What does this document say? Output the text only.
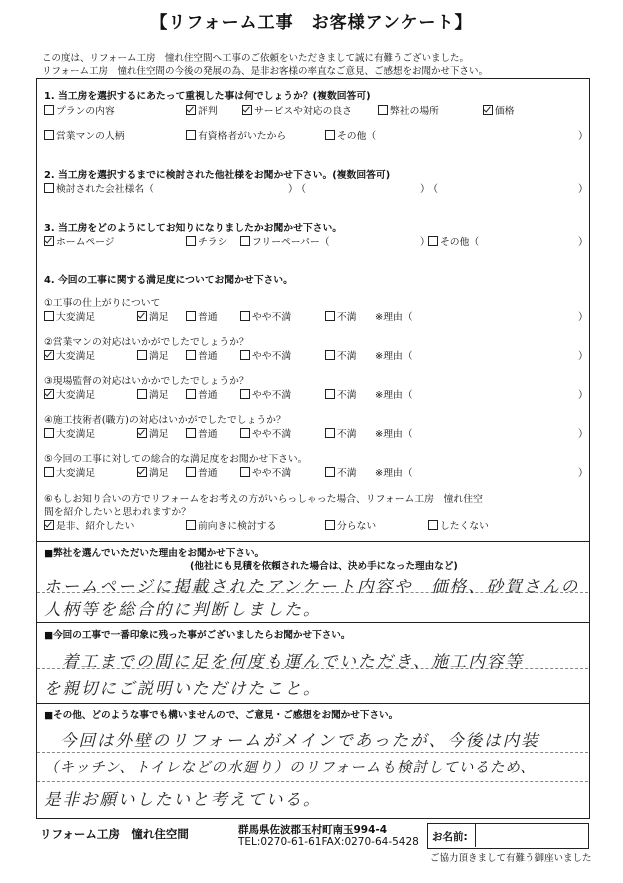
【リフォーム工事　お客様アンケート】
この度は、リフォーム工房　憧れ住空間へ工事のご依頼をいただきまして誠に有難うございました。
リフォーム工房　憧れ住空間の今後の発展の為、是非お客様の率直なご意見、ご感想をお聞かせ下さい。
1. 当工房を選択するにあたって重視した事は何でしょうか？(複数回答可)
プランの内容	評判	サービスや対応の良さ	弊社の場所	価格
営業マンの人柄	有資格者がいたから	その他（	）
2. 当工房を選択するまでに検討された他社様をお聞かせ下さい。(複数回答可)
検討された会社様名（	）
（	）
（	）
3. 当工房をどのようにしてお知りになりましたかお聞かせ下さい。
ホームページ	チラシ	フリーペーパー（	）	その他（	）
4. 今回の工事に関する満足度についてお聞かせ下さい。
①工事の仕上がりについて
大変満足	満足	普通	やや不満	不満 ※理由（	）
②営業マンの対応はいかがでしたでしょうか？
大変満足	満足	普通	やや不満	不満 ※理由（	）
③現場監督の対応はいかかでしたでしょうか？
大変満足	満足	普通	やや不満	不満 ※理由（	）
④施工技術者(職方)の対応はいかがでしたでしょうか？
大変満足	満足	普通	やや不満	不満 ※理由（	）
⑤今回の工事に対しての総合的な満足度をお聞かせ下さい。
大変満足	満足	普通	やや不満	不満 ※理由（	）
⑥もしお知り合いの方でリフォームをお考えの方がいらっしゃった場合、リフォーム工房　憧れ住空
間を紹介したいと思われますか？
是非、紹介したい	前向きに検討する	分らない	したくない
■弊社を選んでいただいた理由をお聞かせ下さい。
(他社にも見積を依頼された場合は、決め手になった理由など)
ホームページに掲載されたアンケート内容や　価格、砂賀さんの
人柄等を総合的に判断しました。
■今回の工事で一番印象に残った事がございましたらお聞かせ下さい。
着工までの間に足を何度も運んでいただき、施工内容等
を親切にご説明いただけたこと。
■その他、どのような事でも構いませんので、ご意見・ご感想をお聞かせ下さい。
今回は外壁のリフォームがメインであったが、今後は内装
（キッチン、トイレなどの水廻り）のリフォームも検討しているため、
是非お願いしたいと考えている。
リフォーム工房　憧れ住空間	群馬県佐波郡玉村町南玉994-4
TEL:0270-61-61FAX:0270-64-5428 お名前:
ご協力頂きまして有難う御座いました
